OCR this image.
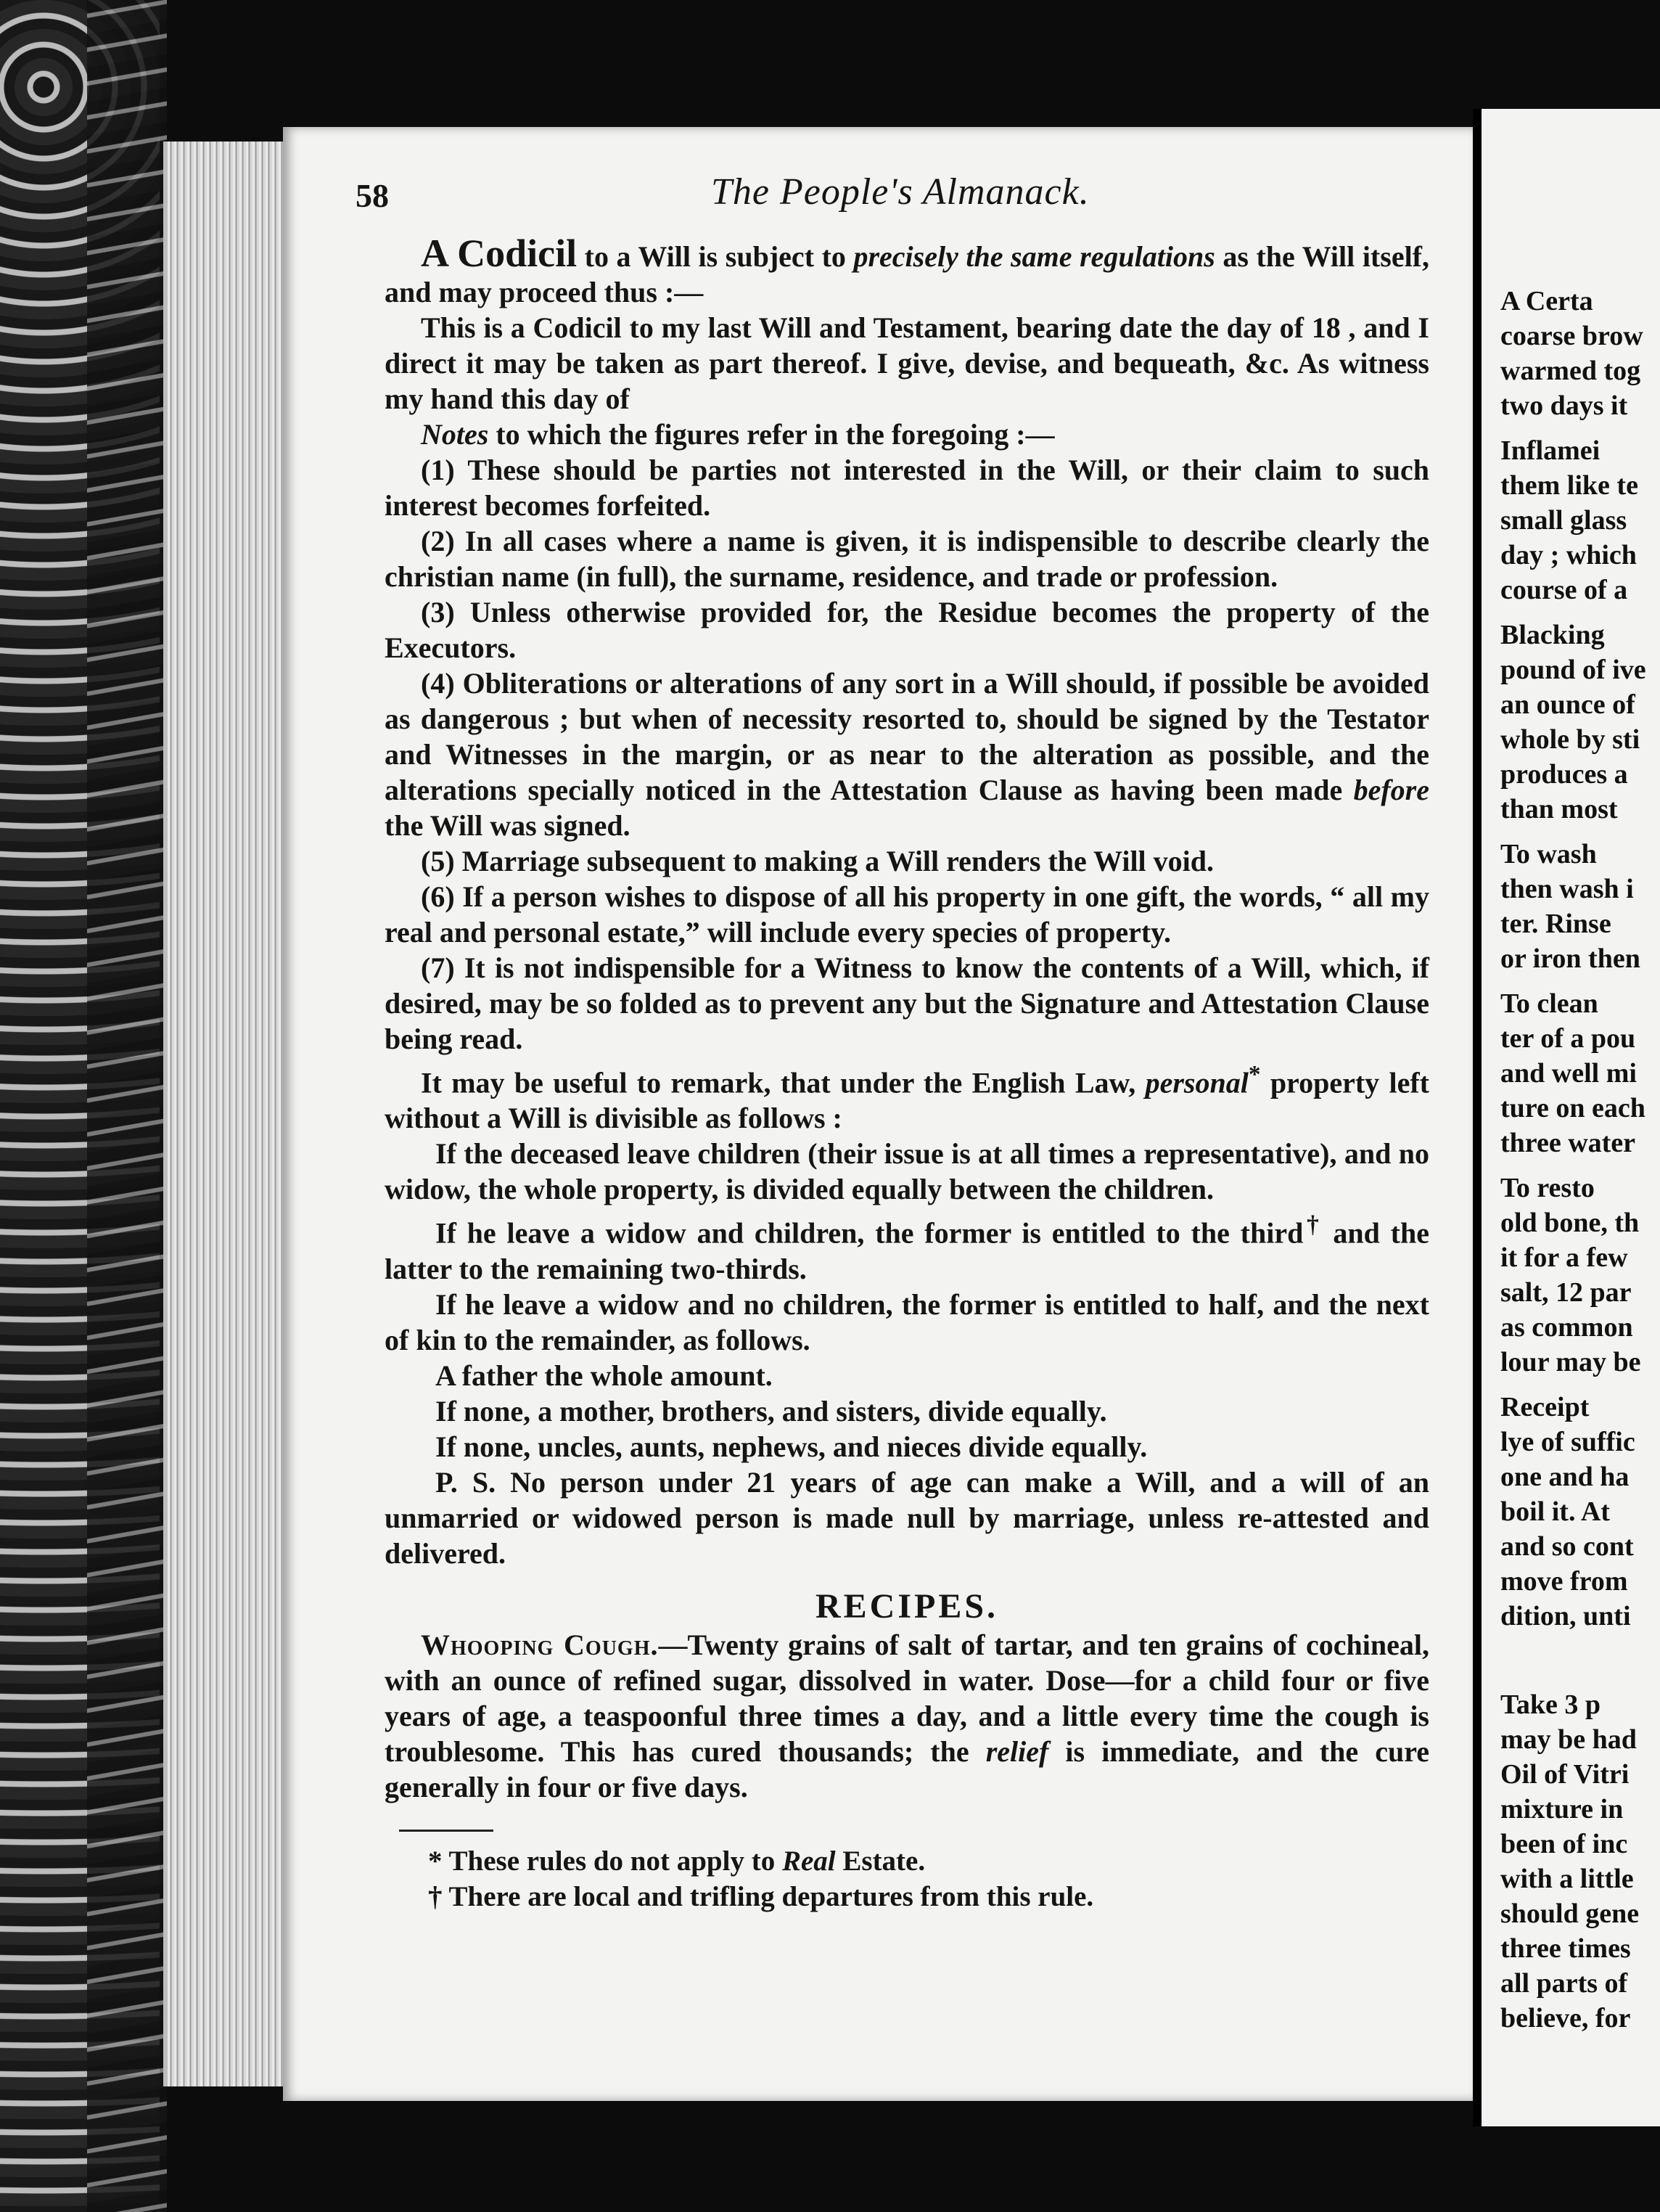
58	The People's Almanack.

A Codicil to a Will is subject to precisely the same regulations as the Will itself, and may proceed thus :—

This is a Codicil to my last Will and Testament, bearing date the day of 18 , and I direct it may be taken as part thereof. I give, devise, and bequeath, &c. As witness my hand this day of

Notes to which the figures refer in the foregoing :—

(1) These should be parties not interested in the Will, or their claim to such interest becomes forfeited.

(2) In all cases where a name is given, it is indispensible to describe clearly the christian name (in full), the surname, residence, and trade or profession.

(3) Unless otherwise provided for, the Residue becomes the property of the Executors.

(4) Obliterations or alterations of any sort in a Will should, if possible be avoided as dangerous ; but when of necessity resorted to, should be signed by the Testator and Witnesses in the margin, or as near to the alteration as possible, and the alterations specially noticed in the Attestation Clause as having been made before the Will was signed.

(5) Marriage subsequent to making a Will renders the Will void.

(6) If a person wishes to dispose of all his property in one gift, the words, “ all my real and personal estate,” will include every species of property.

(7) It is not indispensible for a Witness to know the contents of a Will, which, if desired, may be so folded as to prevent any but the Signature and Attestation Clause being read.

It may be useful to remark, that under the English Law, personal* property left without a Will is divisible as follows :

If the deceased leave children (their issue is at all times a representative), and no widow, the whole property, is divided equally between the children.

If he leave a widow and children, the former is entitled to the third† and the latter to the remaining two-thirds.

If he leave a widow and no children, the former is entitled to half, and the next of kin to the remainder, as follows.

A father the whole amount.

If none, a mother, brothers, and sisters, divide equally.

If none, uncles, aunts, nephews, and nieces divide equally.

P. S. No person under 21 years of age can make a Will, and a will of an unmarried or widowed person is made null by marriage, unless re-attested and delivered.

RECIPES.

Whooping Cough.—Twenty grains of salt of tartar, and ten grains of cochineal, with an ounce of refined sugar, dissolved in water. Dose—for a child four or five years of age, a teaspoonful three times a day, and a little every time the cough is troublesome. This has cured thousands; the relief is immediate, and the cure generally in four or five days.

* These rules do not apply to Real Estate.

† There are local and trifling departures from this rule.

A Certa
coarse brow
warmed tog
two days it
Inflamei
them like te
small glass
day ; which
course of a
Blacking
pound of ive
an ounce of
whole by sti
produces a
than most
To wash
then wash i
ter. Rinse
or iron then
To clean
ter of a pou
and well mi
ture on each
three water
To resto
old bone, th
it for a few
salt, 12 par
as common
lour may be
Receipt
lye of suffic
one and ha
boil it. At
and so cont
move from
dition, unti
Take 3 p
may be had
Oil of Vitri
mixture in
been of inc
with a little
should gene
three times
all parts of
believe, for
